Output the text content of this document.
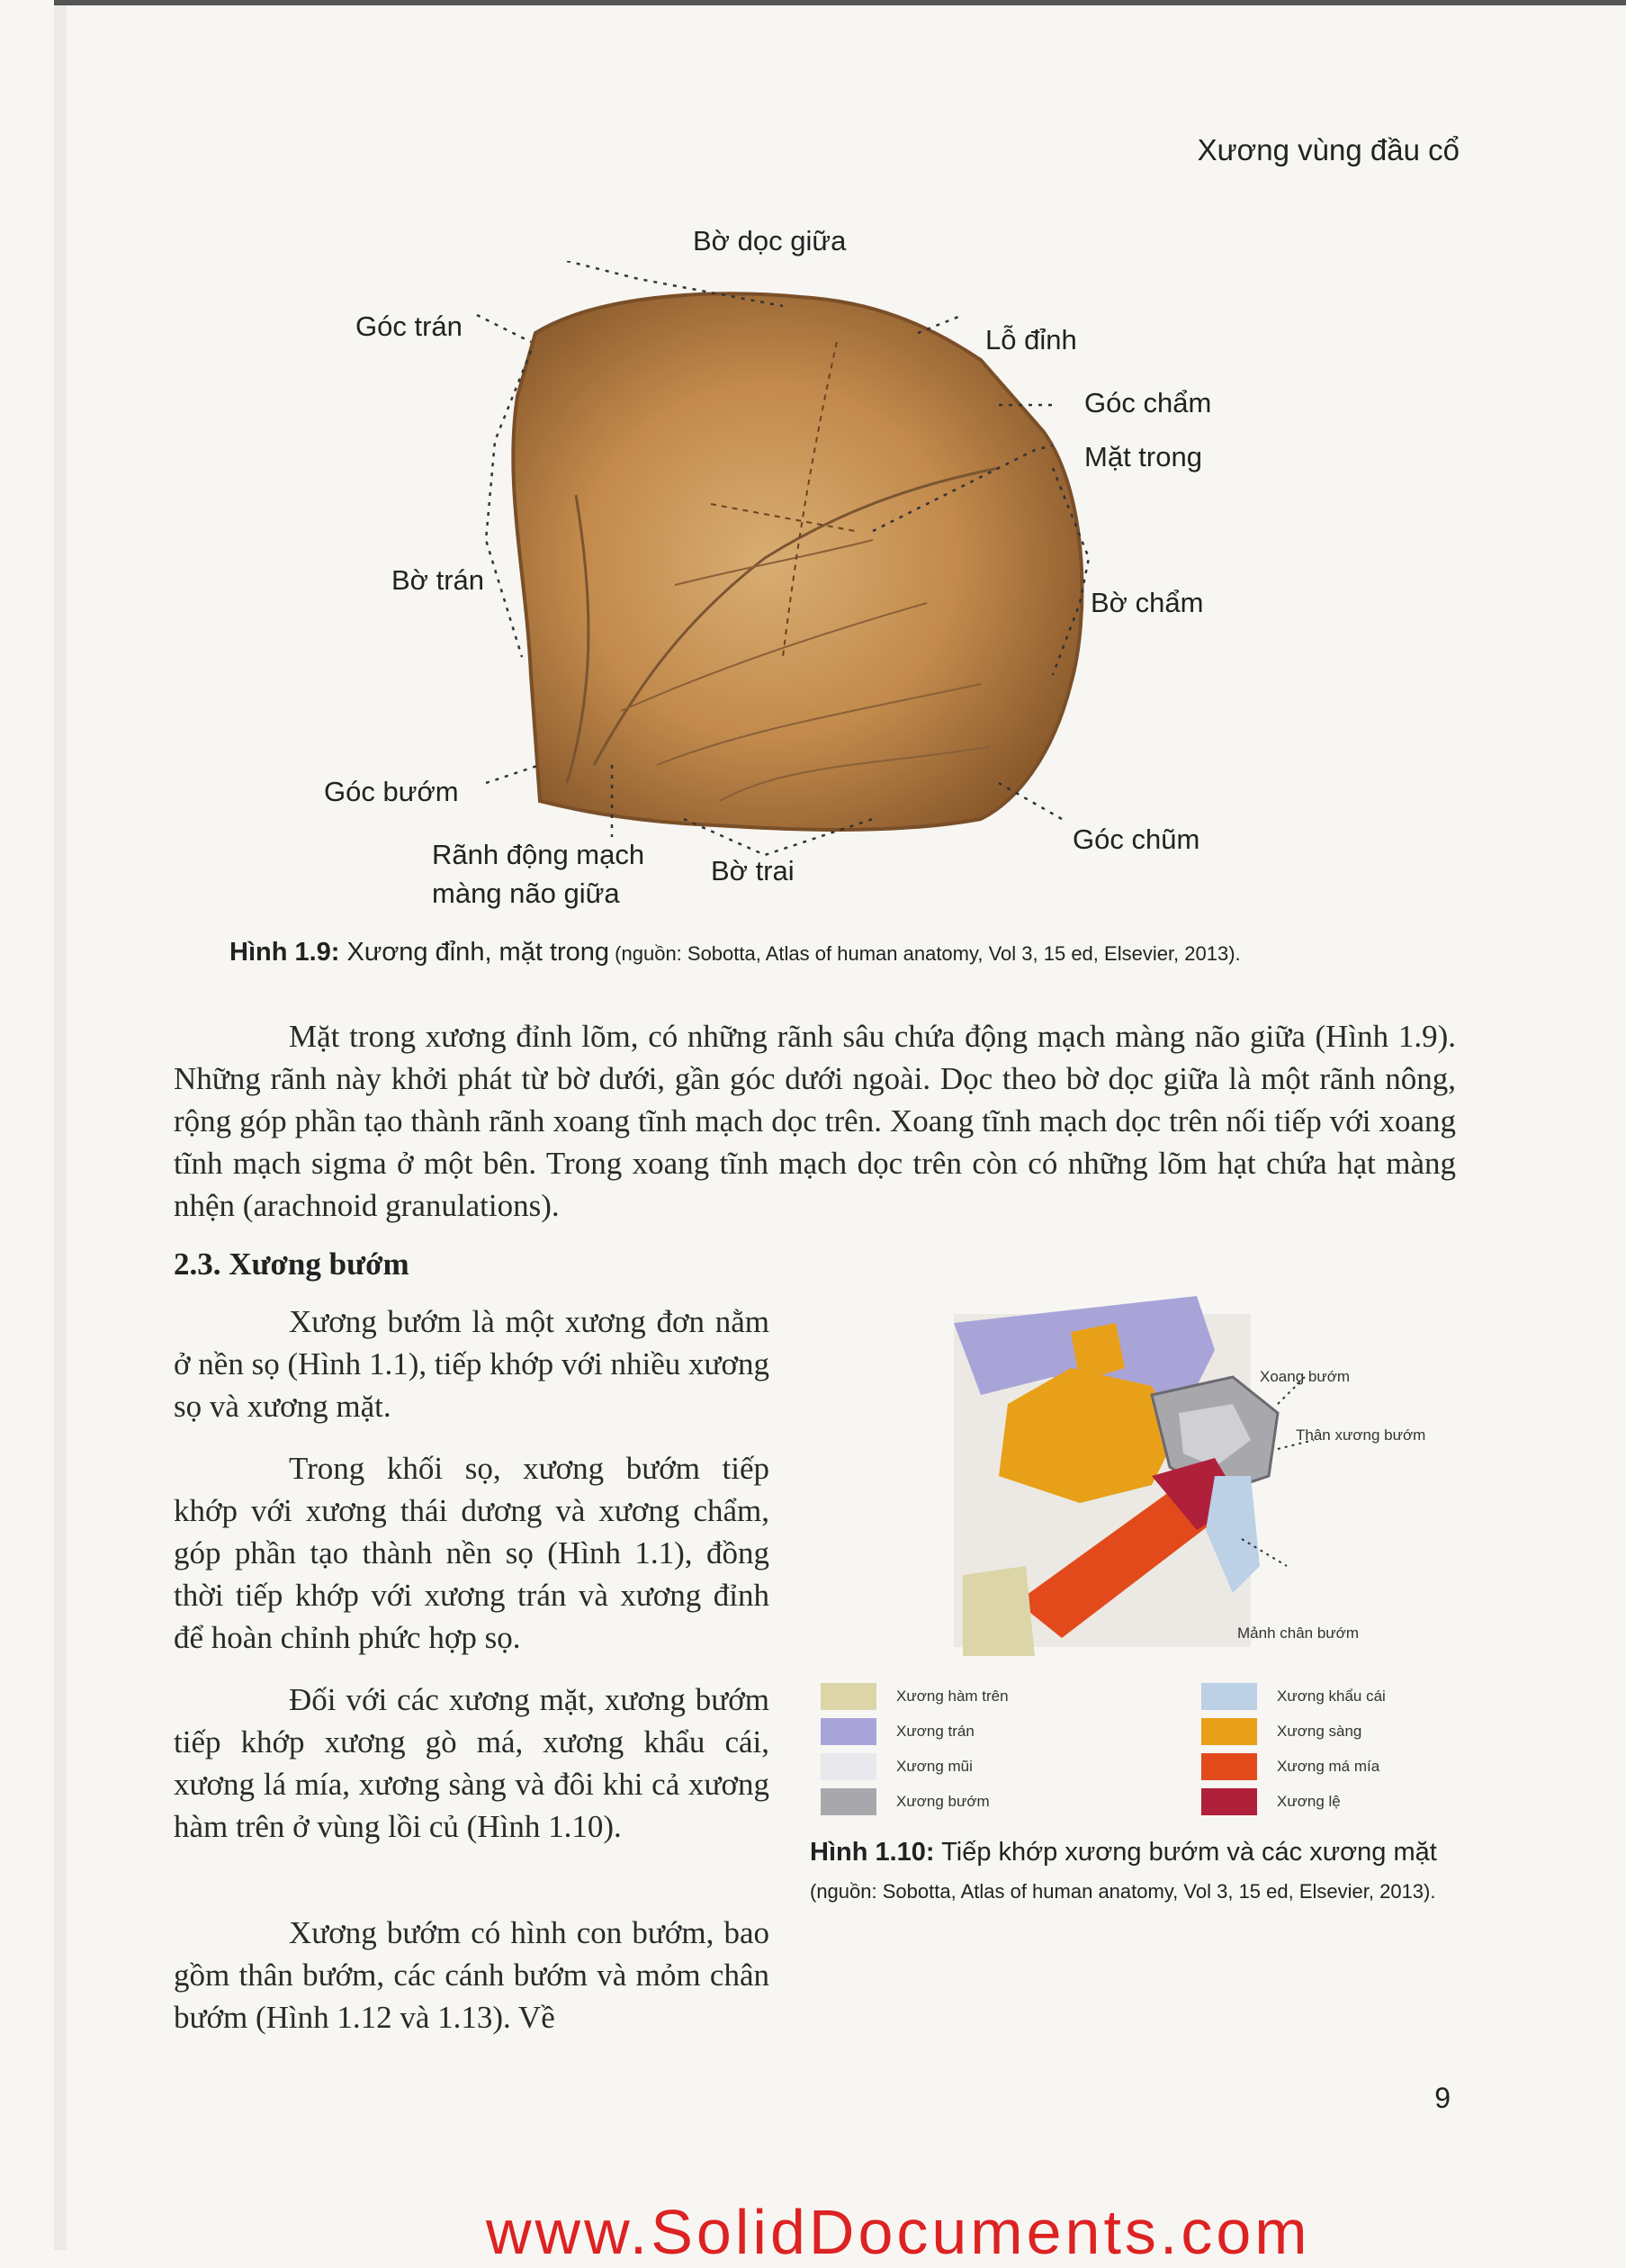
Xương vùng đầu cổ
Bờ dọc giữa
Góc trán	Lỗ đỉnh
Góc chẩm
Mặt trong
Bờ trán
Bờ chẩm
Góc bướm
Góc chũm
Rãnh động mạch
màng não giữa
Bờ trai
Hình 1.9: Xương đỉnh, mặt trong (nguồn: Sobotta, Atlas of human anatomy, Vol 3, 15 ed, Elsevier, 2013).
Mặt trong xương đỉnh lõm, có những rãnh sâu chứa động mạch màng não giữa (Hình 1.9). Những rãnh này khởi phát từ bờ dưới, gần góc dưới ngoài. Dọc theo bờ dọc giữa là một rãnh nông, rộng góp phần tạo thành rãnh xoang tĩnh mạch dọc trên. Xoang tĩnh mạch dọc trên nối tiếp với xoang tĩnh mạch sigma ở một bên. Trong xoang tĩnh mạch dọc trên còn có những lõm hạt chứa hạt màng nhện (arachnoid granulations).
2.3. Xương bướm
Xương bướm là một xương đơn nằm ở nền sọ (Hình 1.1), tiếp khớp với nhiều xương sọ và xương mặt.
Trong khối sọ, xương bướm tiếp khớp với xương thái dương và xương chẩm, góp phần tạo thành nền sọ (Hình 1.1), đồng thời tiếp khớp với xương trán và xương đỉnh để hoàn chỉnh phức hợp sọ.
Đối với các xương mặt, xương bướm tiếp khớp xương gò má, xương khẩu cái, xương lá mía, xương sàng và đôi khi cả xương hàm trên ở vùng lồi củ (Hình 1.10).
Xương bướm có hình con bướm, bao gồm thân bướm, các cánh bướm và mỏm chân bướm (Hình 1.12 và 1.13). Về
Xoang bướm
Thân xương bướm
Mảnh chân bướm
Xương hàm trên
Xương trán
Xương mũi
Xương bướm
Xương khẩu cái
Xương sàng
Xương má mía
Xương lệ
Hình 1.10: Tiếp khớp xương bướm và các xương mặt (nguồn: Sobotta, Atlas of human anatomy, Vol 3, 15 ed, Elsevier, 2013).
9
www.SolidDocuments.com
